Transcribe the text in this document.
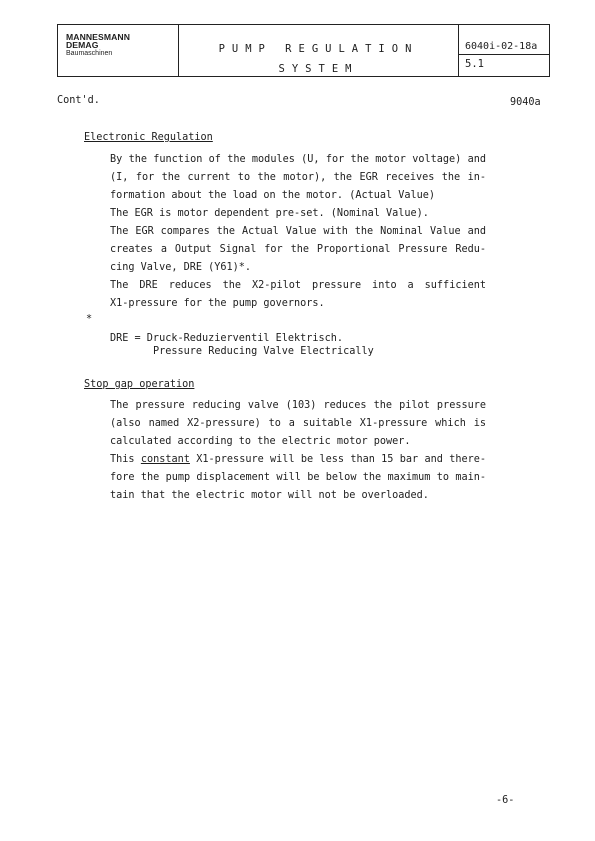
MANNESMANN
DEMAG
Baumaschinen	PUMP REGULATION
SYSTEM
6040i-02-18a
5.1
Cont'd.	9040a
Electronic Regulation
By the function of the modules (U, for the motor voltage) and
(I, for the current to the motor), the EGR receives the in-
formation about the load on the motor. (Actual Value)
The EGR is motor dependent pre-set. (Nominal Value).
The EGR compares the Actual Value with the Nominal Value and
creates a Output Signal for the Proportional Pressure Redu-
cing Valve, DRE (Y61)*.
The DRE reduces the X2-pilot pressure into a sufficient
X1-pressure for the pump governors.
*
DRE = Druck-Reduzierventil Elektrisch.
Pressure Reducing Valve Electrically
Stop gap operation
The pressure reducing valve (103) reduces the pilot pressure
(also named X2-pressure) to a suitable X1-pressure which is
calculated according to the electric motor power.
This constant X1-pressure will be less than 15 bar and there-
fore the pump displacement will be below the maximum to main-
tain that the electric motor will not be overloaded.
-6-
